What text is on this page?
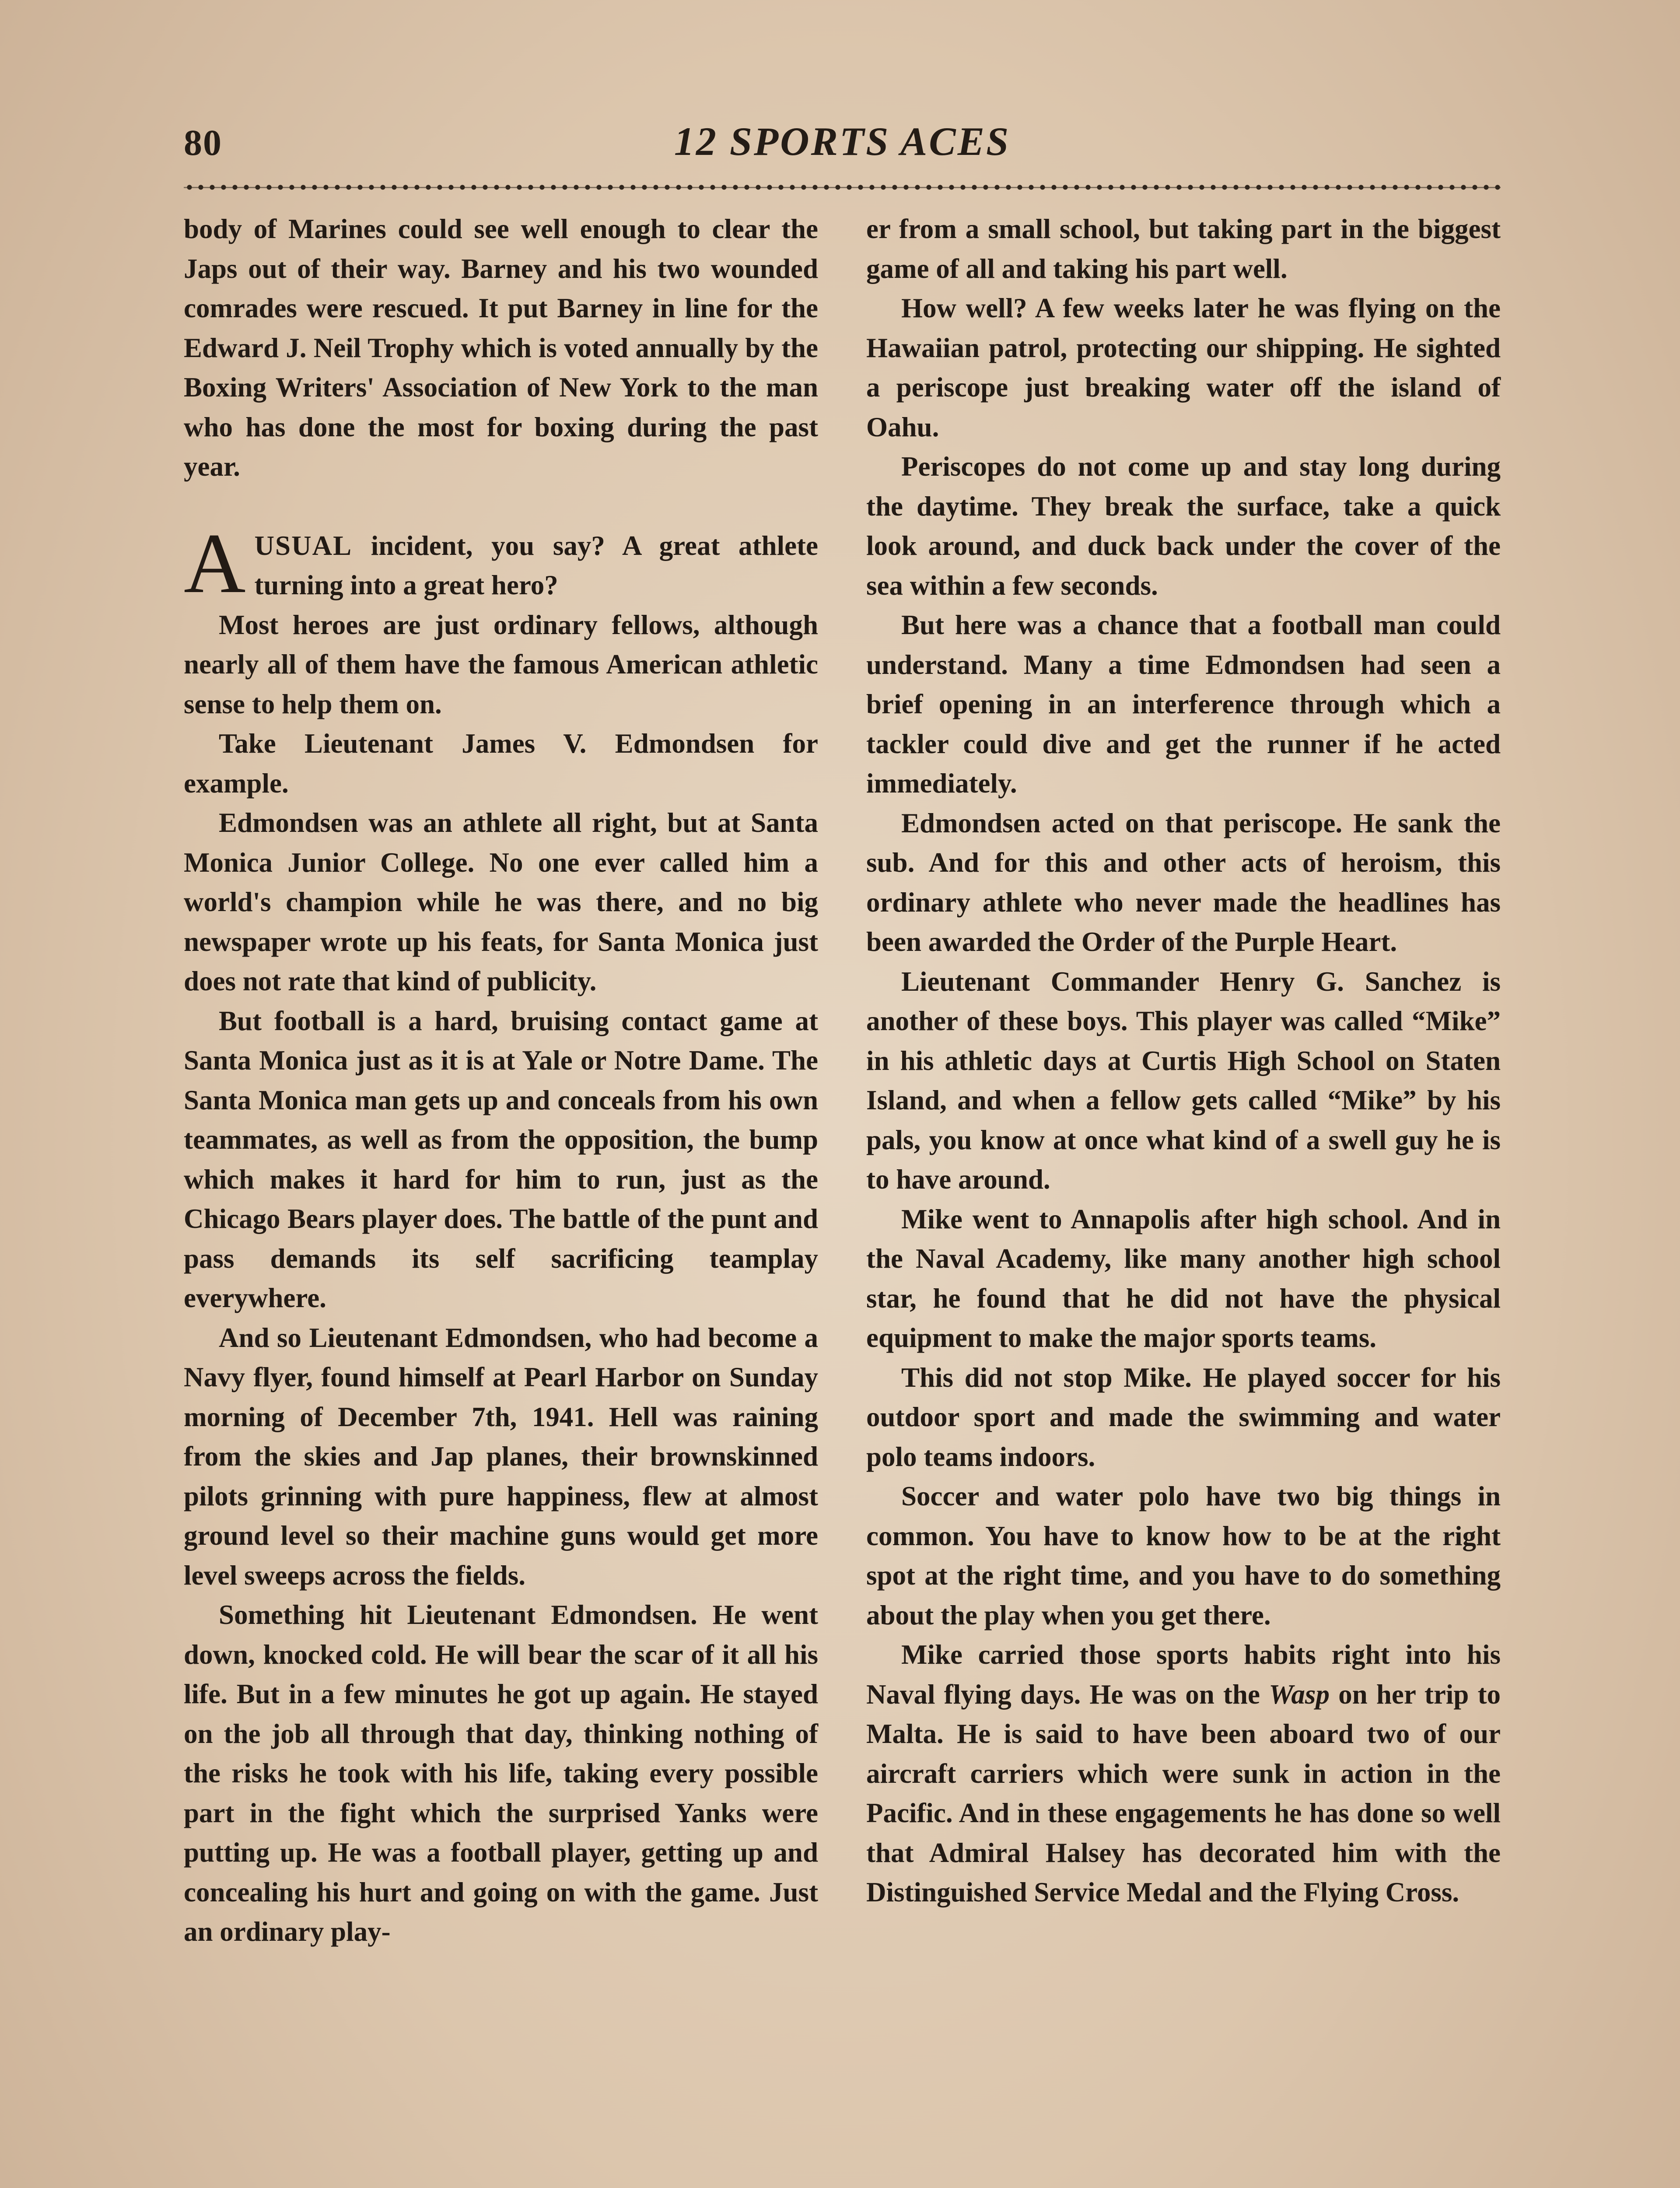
80	12 SPORTS ACES

body of Marines could see well enough to clear the Japs out of their way. Barney and his two wounded comrades were rescued. It put Barney in line for the Edward J. Neil Trophy which is voted annually by the Boxing Writers' Association of New York to the man who has done the most for boxing during the past year.

AUSUAL incident, you say? A great athlete turning into a great hero?

Most heroes are just ordinary fellows, although nearly all of them have the famous American athletic sense to help them on.

Take Lieutenant James V. Edmondsen for example.

Edmondsen was an athlete all right, but at Santa Monica Junior College. No one ever called him a world's champion while he was there, and no big newspaper wrote up his feats, for Santa Monica just does not rate that kind of publicity.

But football is a hard, bruising contact game at Santa Monica just as it is at Yale or Notre Dame. The Santa Monica man gets up and conceals from his own teammates, as well as from the opposition, the bump which makes it hard for him to run, just as the Chicago Bears player does. The battle of the punt and pass demands its self sacrificing teamplay everywhere.

And so Lieutenant Edmondsen, who had become a Navy flyer, found himself at Pearl Harbor on Sunday morning of December 7th, 1941. Hell was raining from the skies and Jap planes, their brownskinned pilots grinning with pure happiness, flew at almost ground level so their machine guns would get more level sweeps across the fields.

Something hit Lieutenant Edmondsen. He went down, knocked cold. He will bear the scar of it all his life. But in a few minutes he got up again. He stayed on the job all through that day, thinking nothing of the risks he took with his life, taking every possible part in the fight which the surprised Yanks were putting up. He was a football player, getting up and concealing his hurt and going on with the game. Just an ordinary play-

er from a small school, but taking part in the biggest game of all and taking his part well.

How well? A few weeks later he was flying on the Hawaiian patrol, protecting our shipping. He sighted a periscope just breaking water off the island of Oahu.

Periscopes do not come up and stay long during the daytime. They break the surface, take a quick look around, and duck back under the cover of the sea within a few seconds.

But here was a chance that a football man could understand. Many a time Edmondsen had seen a brief opening in an interference through which a tackler could dive and get the runner if he acted immediately.

Edmondsen acted on that periscope. He sank the sub. And for this and other acts of heroism, this ordinary athlete who never made the headlines has been awarded the Order of the Purple Heart.

Lieutenant Commander Henry G. Sanchez is another of these boys. This player was called “Mike” in his athletic days at Curtis High School on Staten Island, and when a fellow gets called “Mike” by his pals, you know at once what kind of a swell guy he is to have around.

Mike went to Annapolis after high school. And in the Naval Academy, like many another high school star, he found that he did not have the physical equipment to make the major sports teams.

This did not stop Mike. He played soccer for his outdoor sport and made the swimming and water polo teams indoors.

Soccer and water polo have two big things in common. You have to know how to be at the right spot at the right time, and you have to do something about the play when you get there.

Mike carried those sports habits right into his Naval flying days. He was on the Wasp on her trip to Malta. He is said to have been aboard two of our aircraft carriers which were sunk in action in the Pacific. And in these engagements he has done so well that Admiral Halsey has decorated him with the Distinguished Service Medal and the Flying Cross.
